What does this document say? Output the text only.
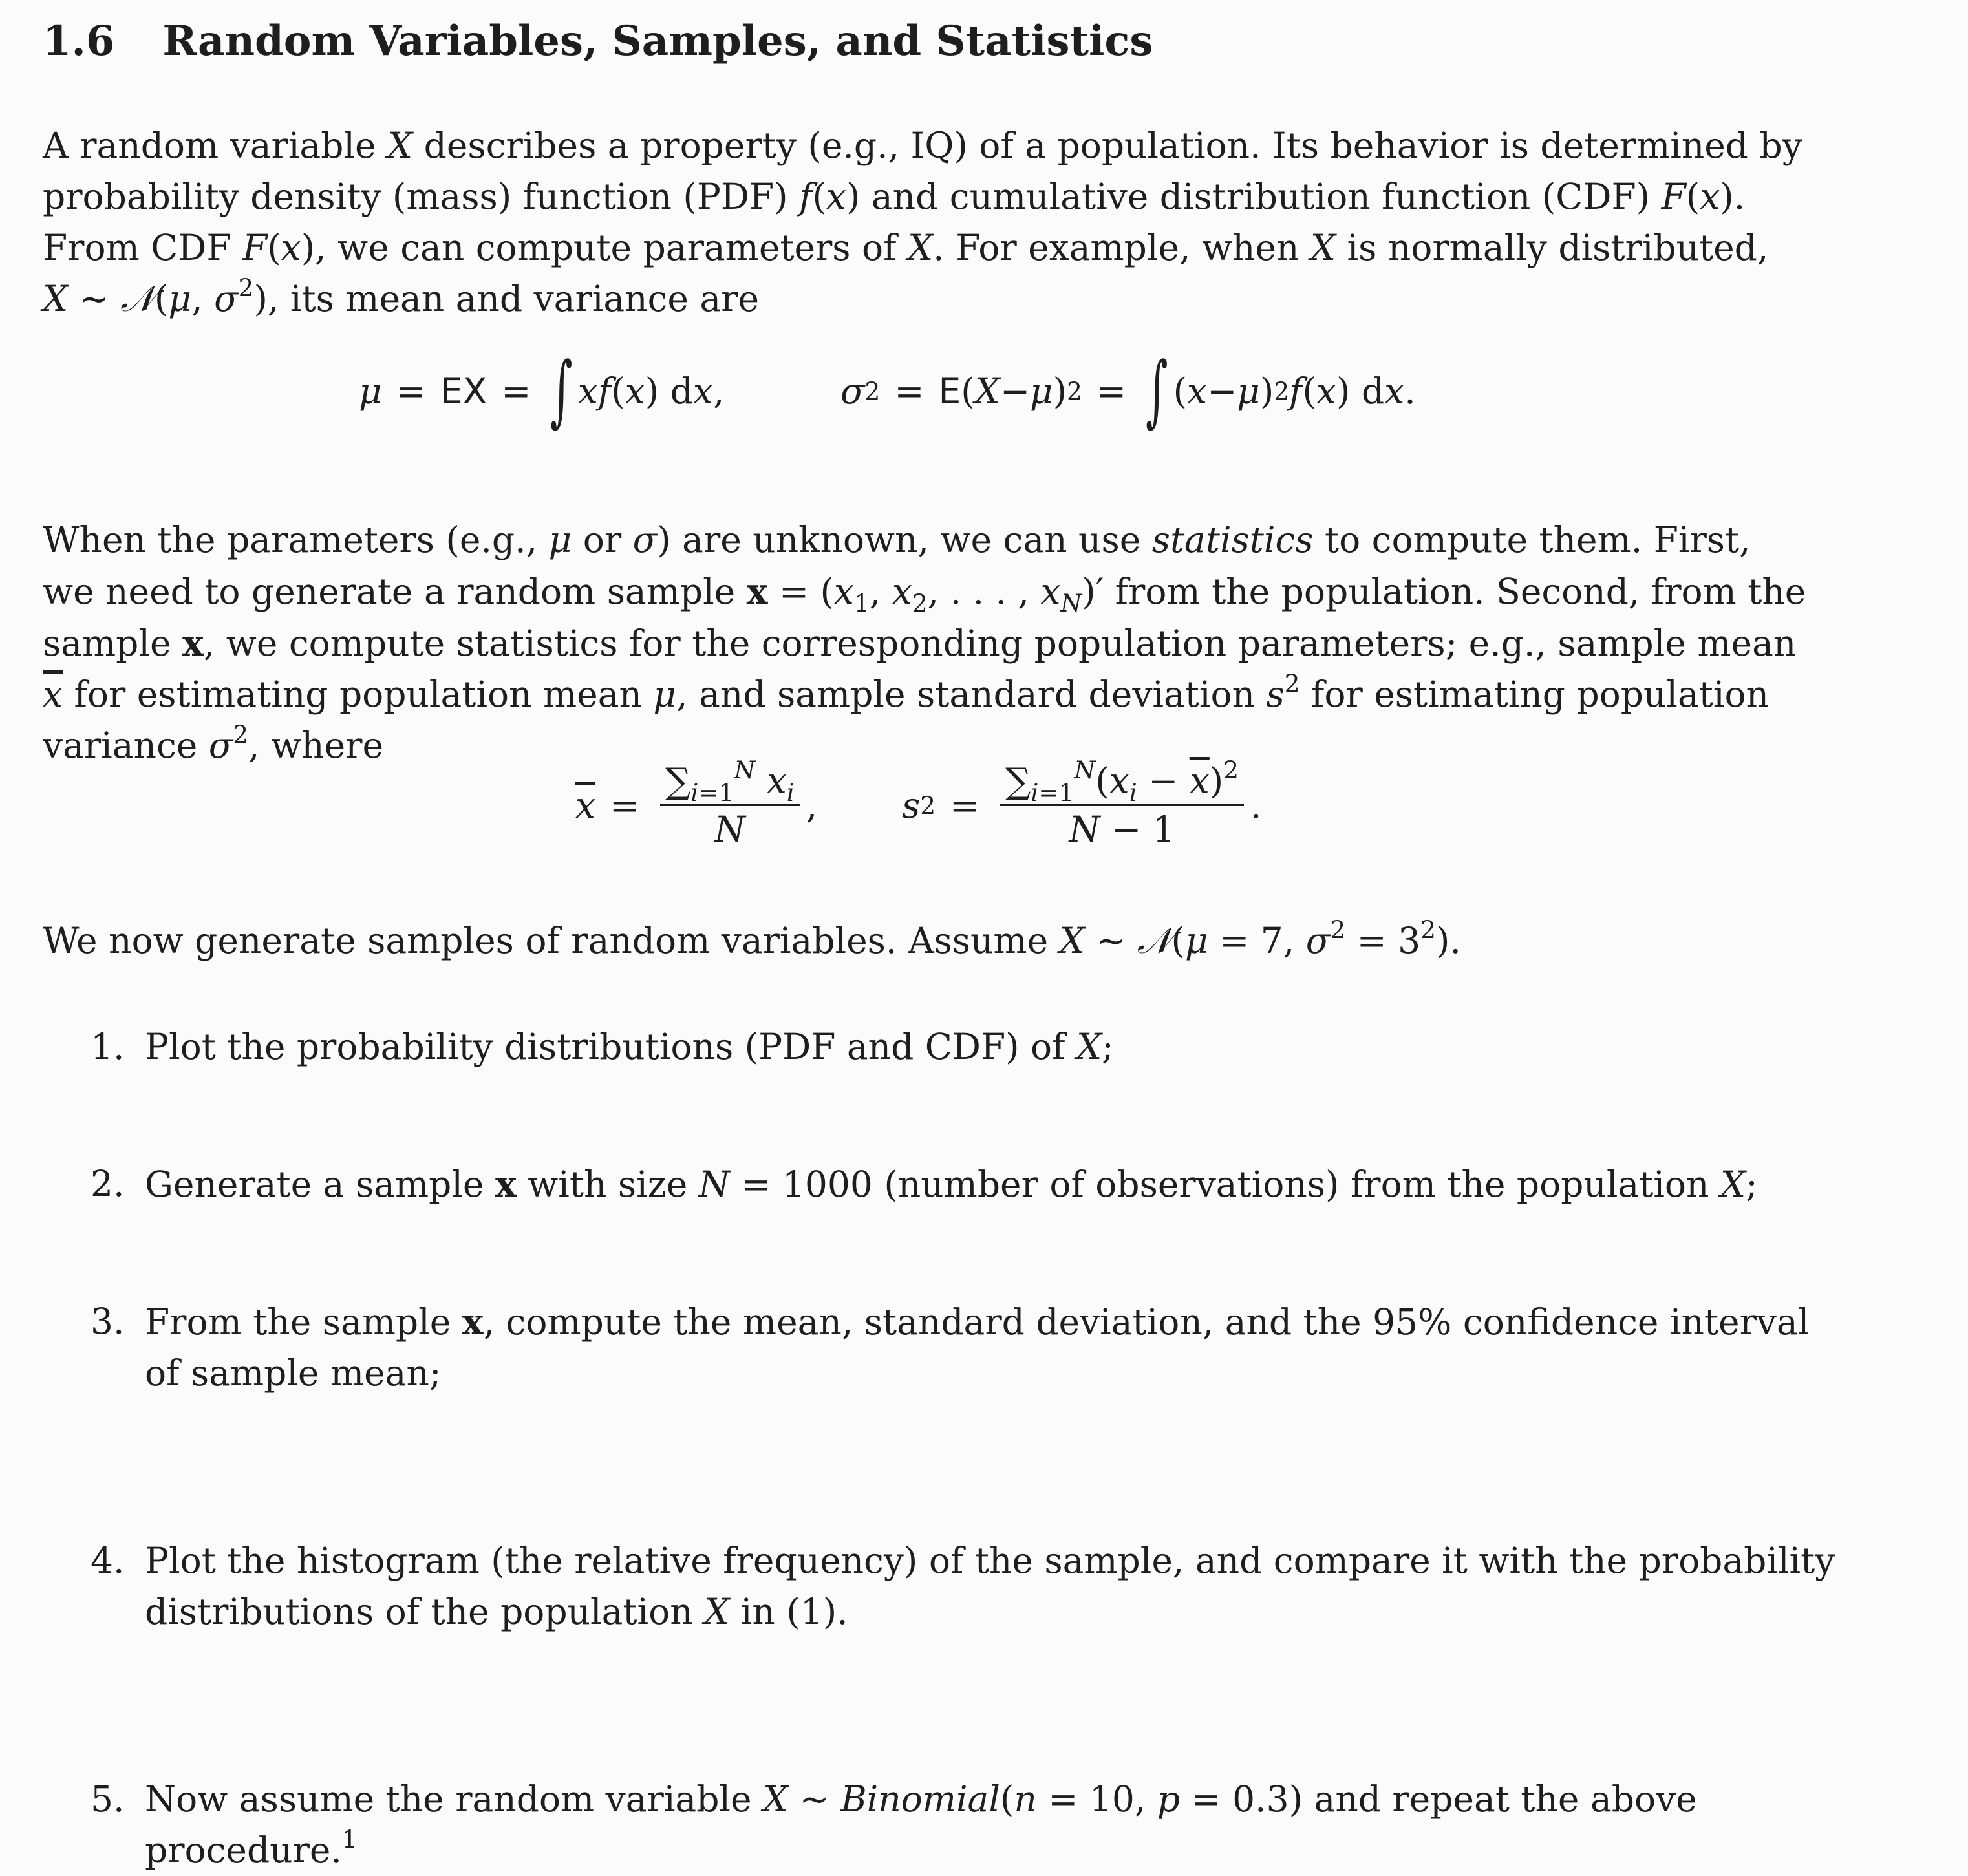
1.6 Random Variables, Samples, and Statistics

A random variable X describes a property (e.g., IQ) of a population. Its behavior is determined by
probability density (mass) function (PDF) f(x) and cumulative distribution function (CDF) F(x).
From CDF F(x), we can compute parameters of X. For example, when X is normally distributed,
X ~ 𝒩(μ, $\sigma^2$), its mean and variance are

μ = EX = ∫ xf ( x ) d x ,	σ 2 = E ( X − μ ) 2 = ∫ ( x − μ ) 2 f ( x ) d x .

When the parameters (e.g., μ or σ) are unknown, we can use statistics to compute them. First,
we need to generate a random sample $x = (x_1$, $x_2$, . . . , $x_N)'$ from the population. Second, from the
sample x, we compute statistics for the corresponding population parameters; e.g., sample mean
$\overline{x}$ for estimating population mean μ, and sample standard deviation $s^2$ for estimating population
variance $\sigma^2$, where

$\overline{x} = \frac{\sum_{i=1}^N x_i}{N}$ , s $2 = \frac{\sum_{i=1}^N(x_i - \overline{x})^2}{N - 1}$ .

We now generate samples of random variables. Assume X ~ 𝒩(μ = 7, $\sigma^2 = 3^2$).

1. Plot the probability distributions (PDF and CDF) of X;
2. Generate a sample x with size N = 1000 (number of observations) from the population X;
3. From the sample x, compute the mean, standard deviation, and the 95% confidence interval
of sample mean;
4. Plot the histogram (the relative frequency) of the sample, and compare it with the probability
distributions of the population X in (1).
5. Now assume the random variable X ~ Binomial(n = 10, p = 0.3) and repeat the above
procedure.$^1$
